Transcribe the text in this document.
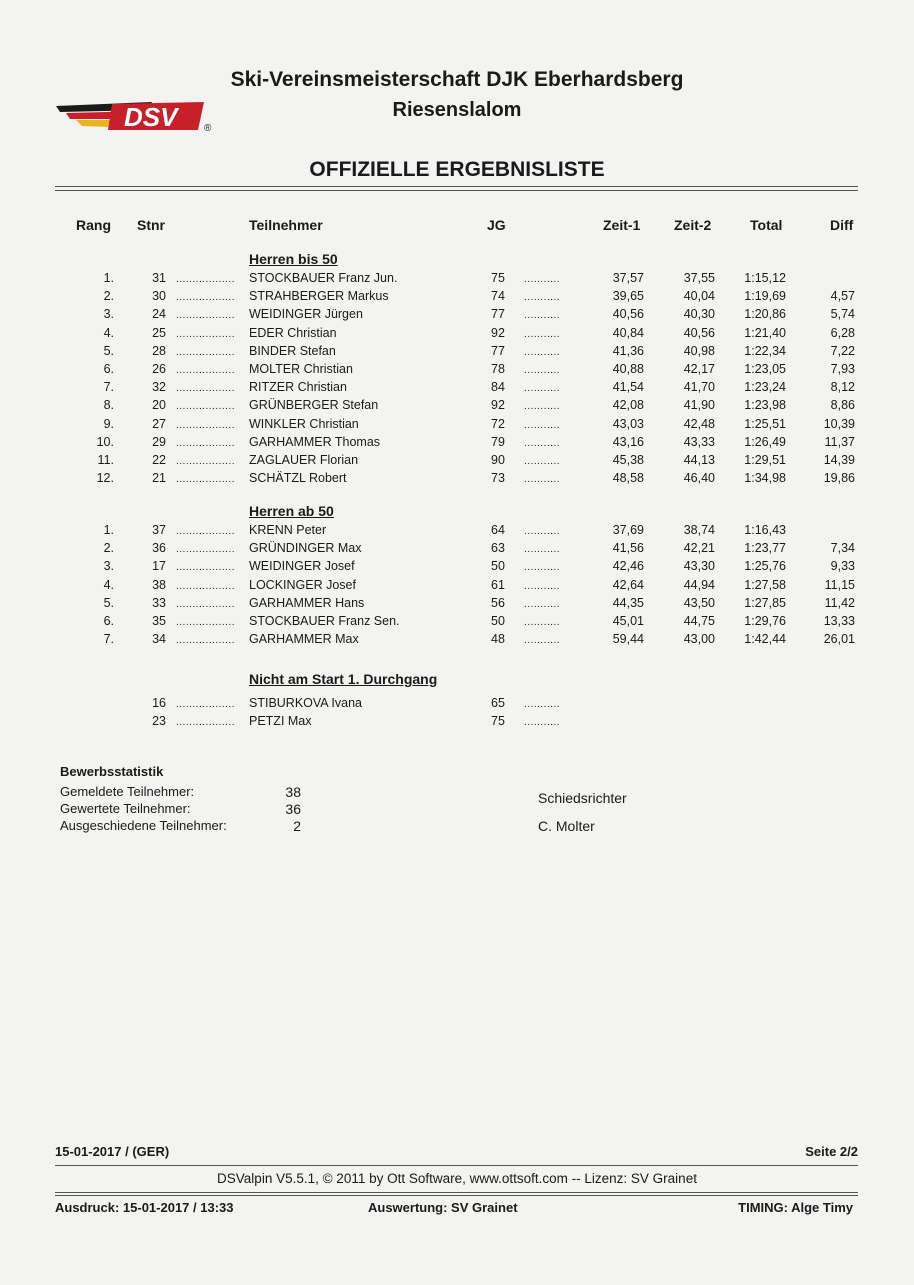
DSV	®
Ski-Vereinsmeisterschaft DJK Eberhardsberg
Riesenslalom
OFFIZIELLE ERGEBNISLISTE
Rang Stnr	Teilnehmer	JG	Zeit-1 Zeit-2	Total	Diff
Herren bis 50
1.	31 .................. STOCKBAUER Franz Jun.	75 ...........	37,57	37,55	1:15,12
2.	30 .................. STRAHBERGER Markus	74 ...........	39,65	40,04	1:19,69	4,57
3.	24 .................. WEIDINGER Jürgen	77 ...........	40,56	40,30	1:20,86	5,74
4.	25 .................. EDER Christian	92 ...........	40,84	40,56	1:21,40	6,28
5.	28 .................. BINDER Stefan	77 ...........	41,36	40,98	1:22,34	7,22
6.	26 .................. MOLTER Christian	78 ...........	40,88	42,17	1:23,05	7,93
7.	32 .................. RITZER Christian	84 ...........	41,54	41,70	1:23,24	8,12
8.	20 .................. GRÜNBERGER Stefan	92 ...........	42,08	41,90	1:23,98	8,86
9.	27 .................. WINKLER Christian	72 ...........	43,03	42,48	1:25,51	10,39
10.	29 .................. GARHAMMER Thomas	79 ...........	43,16	43,33	1:26,49	11,37
11.	22 .................. ZAGLAUER Florian	90 ...........	45,38	44,13	1:29,51	14,39
12.	21 .................. SCHÄTZL Robert	73 ...........	48,58	46,40	1:34,98	19,86
Herren ab 50
1.	37 .................. KRENN Peter	64 ...........	37,69	38,74	1:16,43
2.	36 .................. GRÜNDINGER Max	63 ...........	41,56	42,21	1:23,77	7,34
3.	17 .................. WEIDINGER Josef	50 ...........	42,46	43,30	1:25,76	9,33
4.	38 .................. LOCKINGER Josef	61 ...........	42,64	44,94	1:27,58	11,15
5.	33 .................. GARHAMMER Hans	56 ...........	44,35	43,50	1:27,85	11,42
6.	35 .................. STOCKBAUER Franz Sen.	50 ...........	45,01	44,75	1:29,76	13,33
7.	34 .................. GARHAMMER Max	48 ...........	59,44	43,00	1:42,44	26,01
Nicht am Start 1. Durchgang
16 .................. STIBURKOVA Ivana	65 ...........
23 .................. PETZI Max	75 ...........
Bewerbsstatistik
Gemeldete Teilnehmer:	38
Gewertete Teilnehmer:	36
Ausgeschiedene Teilnehmer:	2
Schiedsrichter
C. Molter
15-01-2017 / (GER)	Seite 2/2
DSValpin V5.5.1, © 2011 by Ott Software, www.ottsoft.com -- Lizenz: SV Grainet
Ausdruck: 15-01-2017 / 13:33	Auswertung: SV Grainet	TIMING: Alge Timy
